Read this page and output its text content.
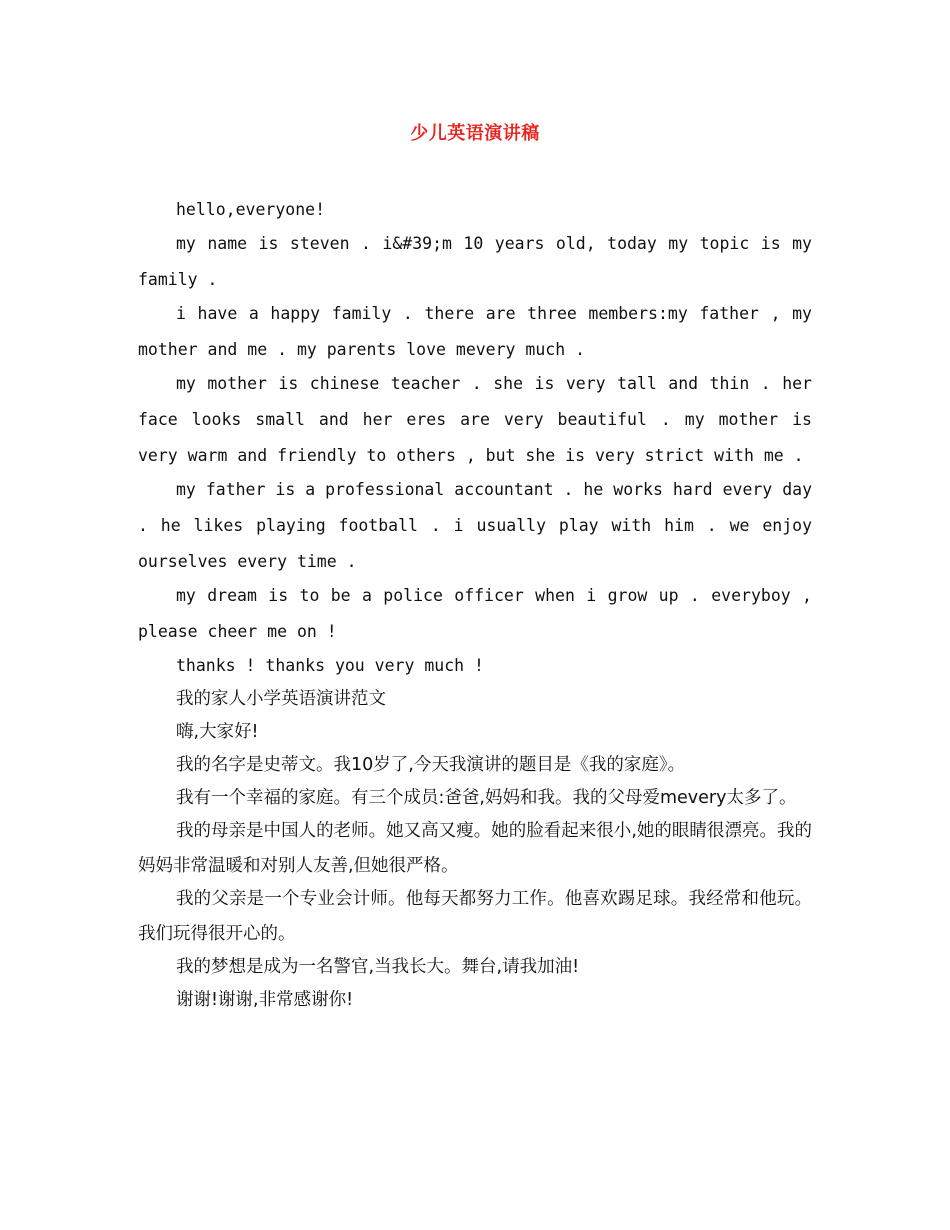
少儿英语演讲稿

hello,everyone!

my name is steven . i&#39;m 10 years old, today my topic is my family .

i have a happy family . there are three members:my father , my mother and me . my parents love mevery much .

my mother is chinese teacher . she is very tall and thin . her face looks small and her eres are very beautiful . my mother is very warm and friendly to others , but she is very strict with me .

my father is a professional accountant . he works hard every day . he likes playing football . i usually play with him . we enjoy ourselves every time .

my dream is to be a police officer when i grow up . everyboy , please cheer me on !

thanks ! thanks you very much !

我的家人小学英语演讲范文

嗨,大家好!

我的名字是史蒂文。我10岁了,今天我演讲的题目是《我的家庭》。

我有一个幸福的家庭。有三个成员:爸爸,妈妈和我。我的父母爱mevery太多了。

我的母亲是中国人的老师。她又高又瘦。她的脸看起来很小,她的眼睛很漂亮。我的妈妈非常温暖和对别人友善,但她很严格。

我的父亲是一个专业会计师。他每天都努力工作。他喜欢踢足球。我经常和他玩。我们玩得很开心的。

我的梦想是成为一名警官,当我长大。舞台,请我加油!

谢谢!谢谢,非常感谢你!
